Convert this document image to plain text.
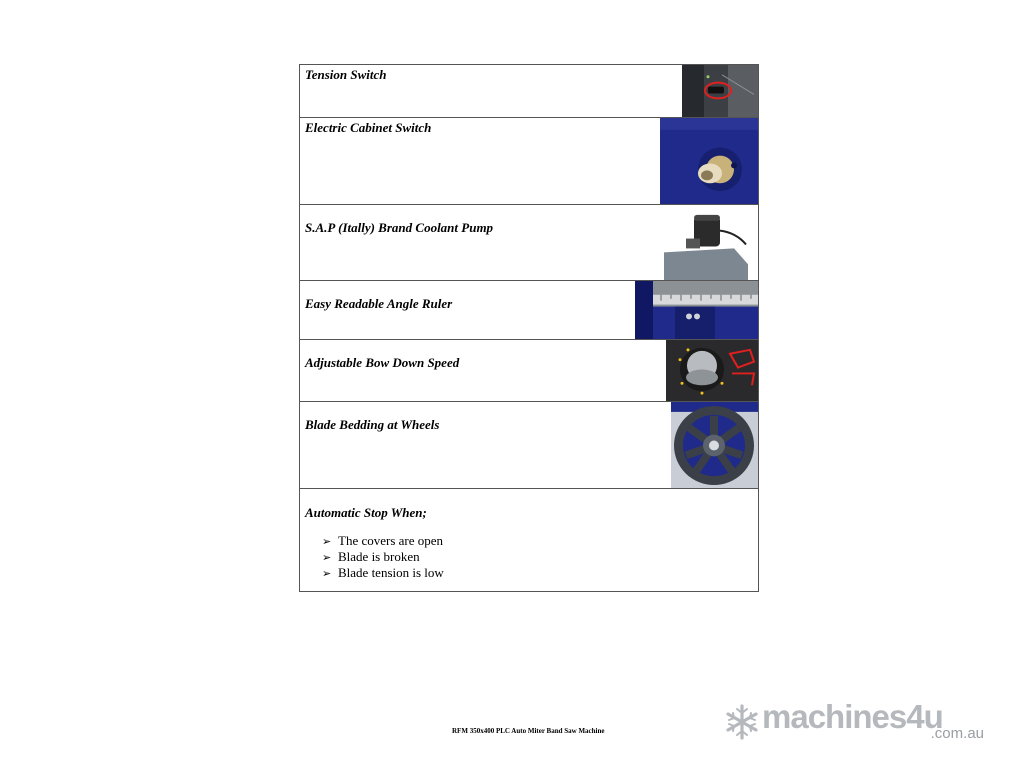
Tension Switch

Electric Cabinet Switch

S.A.P (Itally) Brand Coolant Pump

Easy Readable Angle Ruler

Adjustable Bow Down Speed

Blade Bedding at Wheels

Automatic Stop When;
➢ The covers are open
➢ Blade is broken
➢ Blade tension is low
RFM 350x400 PLC Auto Miter Band Saw Machine	machines4u
.com.au
